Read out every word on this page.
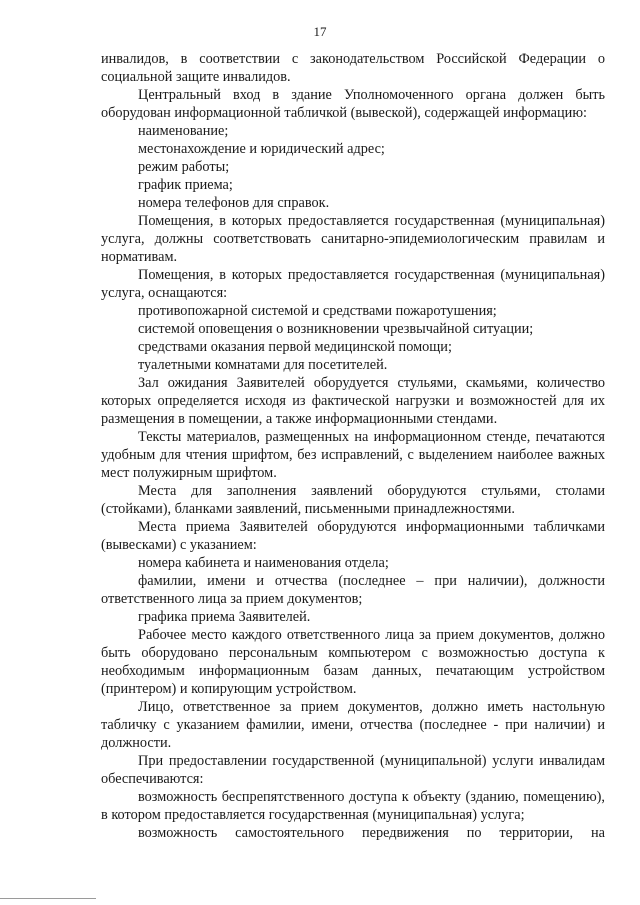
17

инвалидов, в соответствии с законодательством Российской Федерации о социальной защите инвалидов.

Центральный вход в здание Уполномоченного органа должен быть оборудован информационной табличкой (вывеской), содержащей информацию:

наименование;

местонахождение и юридический адрес;

режим работы;

график приема;

номера телефонов для справок.

Помещения, в которых предоставляется государственная (муниципальная) услуга, должны соответствовать санитарно-эпидемиологическим правилам и нормативам.

Помещения, в которых предоставляется государственная (муниципальная) услуга, оснащаются:

противопожарной системой и средствами пожаротушения;

системой оповещения о возникновении чрезвычайной ситуации;

средствами оказания первой медицинской помощи;

туалетными комнатами для посетителей.

Зал ожидания Заявителей оборудуется стульями, скамьями, количество которых определяется исходя из фактической нагрузки и возможностей для их размещения в помещении, а также информационными стендами.

Тексты материалов, размещенных на информационном стенде, печатаются удобным для чтения шрифтом, без исправлений, с выделением наиболее важных мест полужирным шрифтом.

Места для заполнения заявлений оборудуются стульями, столами (стойками), бланками заявлений, письменными принадлежностями.

Места приема Заявителей оборудуются информационными табличками (вывесками) с указанием:

номера кабинета и наименования отдела;

фамилии, имени и отчества (последнее – при наличии), должности ответственного лица за прием документов;

графика приема Заявителей.

Рабочее место каждого ответственного лица за прием документов, должно быть оборудовано персональным компьютером с возможностью доступа к необходимым информационным базам данных, печатающим устройством (принтером) и копирующим устройством.

Лицо, ответственное за прием документов, должно иметь настольную табличку с указанием фамилии, имени, отчества (последнее - при наличии) и должности.

При предоставлении государственной (муниципальной) услуги инвалидам обеспечиваются:

возможность беспрепятственного доступа к объекту (зданию, помещению), в котором предоставляется государственная (муниципальная) услуга;

возможность самостоятельного передвижения по территории, на
